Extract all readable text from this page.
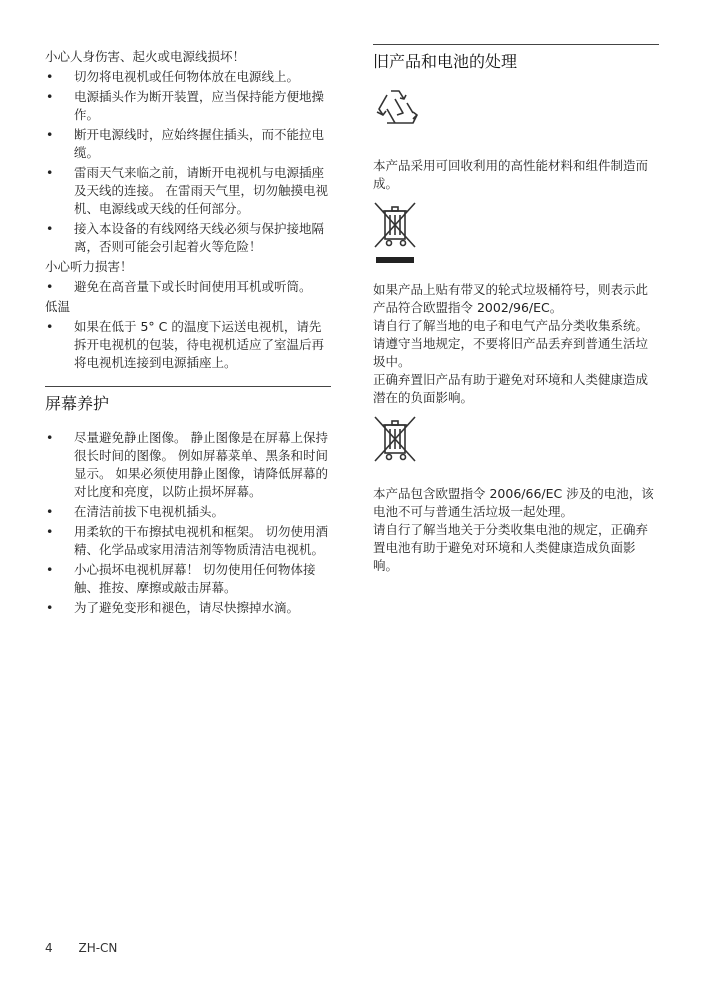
小心人身伤害、起火或电源线损坏！

• 切勿将电视机或任何物体放在电源线上。
• 电源插头作为断开装置，应当保持能方便地操作。
• 断开电源线时，应始终握住插头，而不能拉电缆。
• 雷雨天气来临之前，请断开电视机与电源插座及天线的连接。 在雷雨天气里，切勿触摸电视机、电源线或天线的任何部分。
• 接入本设备的有线网络天线必须与保护接地隔离，否则可能会引起着火等危险！

小心听力损害！

• 避免在高音量下或长时间使用耳机或听筒。

低温

• 如果在低于 5° C 的温度下运送电视机，请先拆开电视机的包装，待电视机适应了室温后再将电视机连接到电源插座上。
屏幕养护
• 尽量避免静止图像。 静止图像是在屏幕上保持很长时间的图像。 例如屏幕菜单、黑条和时间显示。 如果必须使用静止图像，请降低屏幕的对比度和亮度，以防止损坏屏幕。
• 在清洁前拔下电视机插头。
• 用柔软的干布擦拭电视机和框架。 切勿使用酒精、化学品或家用清洁剂等物质清洁电视机。
• 小心损坏电视机屏幕！ 切勿使用任何物体接触、推按、摩擦或敲击屏幕。
• 为了避免变形和褪色，请尽快擦掉水滴。
旧产品和电池的处理

本产品采用可回收利用的高性能材料和组件制造而成。

如果产品上贴有带叉的轮式垃圾桶符号，则表示此产品符合欧盟指令 2002/96/EC。

请自行了解当地的电子和电气产品分类收集系统。

请遵守当地规定，不要将旧产品丢弃到普通生活垃圾中。

正确弃置旧产品有助于避免对环境和人类健康造成潜在的负面影响。

本产品包含欧盟指令 2006/66/EC 涉及的电池，该电池不可与普通生活垃圾一起处理。

请自行了解当地关于分类收集电池的规定，正确弃置电池有助于避免对环境和人类健康造成负面影响。

4 ZH-CN
